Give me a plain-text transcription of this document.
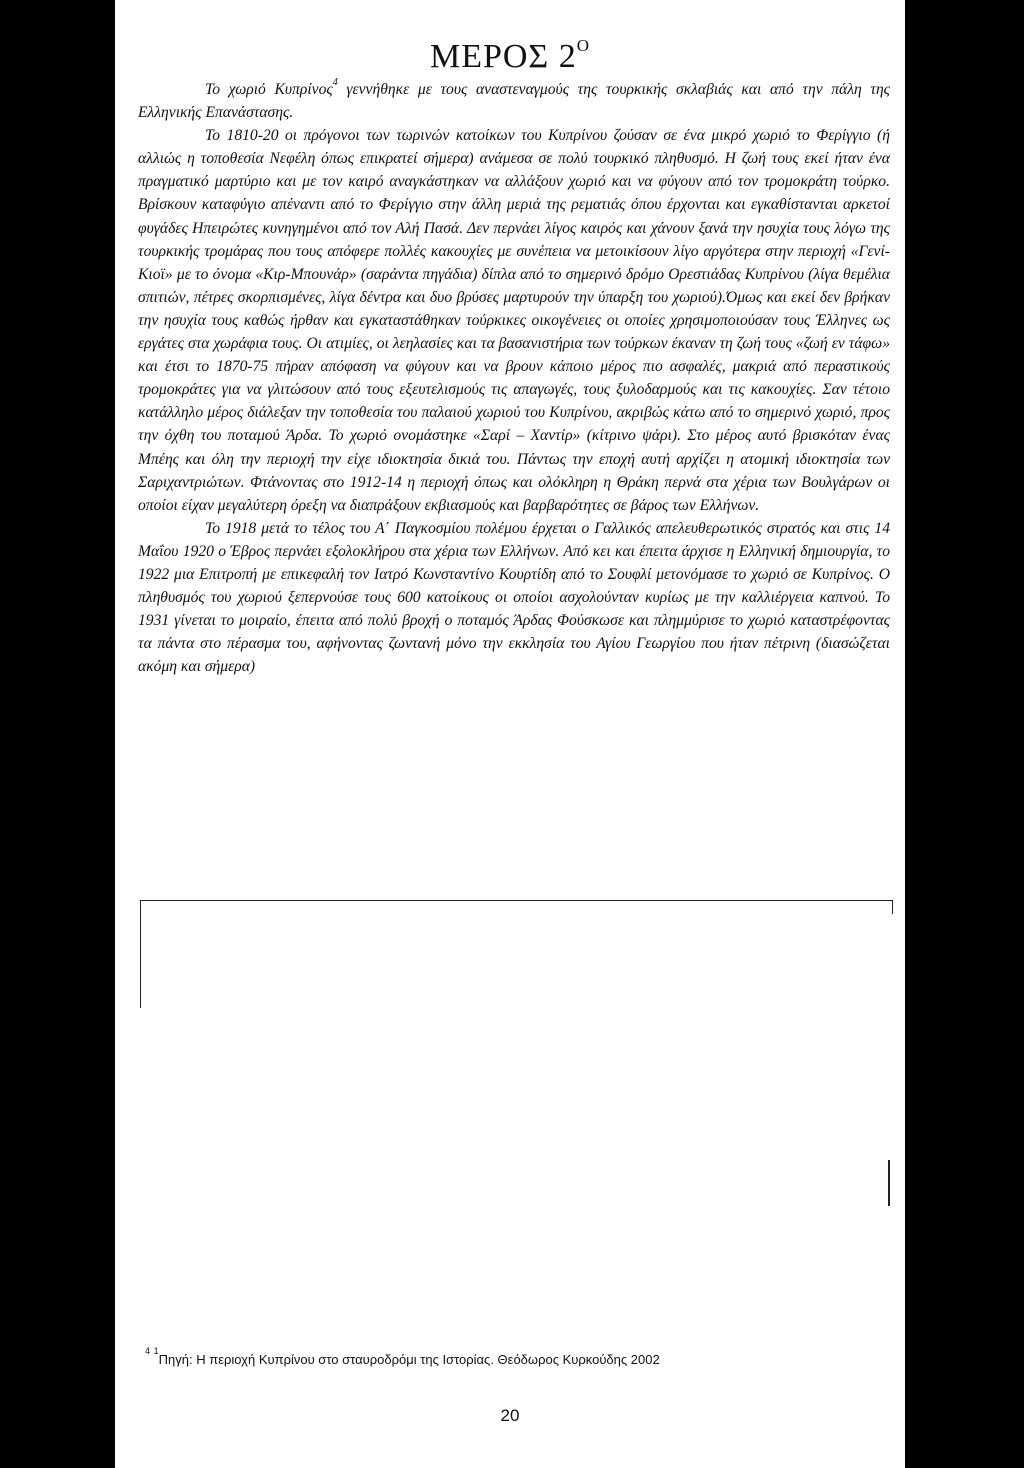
ΜΕΡΟΣ $2^O$

Το χωριό Κυπρίνος$^4$ γεννήθηκε με τους αναστεναγμούς της τουρκικής σκλαβιάς και από την πάλη της Ελληνικής Επανάστασης.

Το 1810-20 οι πρόγονοι των τωρινών κατοίκων του Κυπρίνου ζούσαν σε ένα μικρό χωριό το Φερίγγιο (ή αλλιώς η τοποθεσία Νεφέλη όπως επικρατεί σήμερα) ανάμεσα σε πολύ τουρκικό πληθυσμό. Η ζωή τους εκεί ήταν ένα πραγματικό μαρτύριο και με τον καιρό αναγκάστηκαν να αλλάξουν χωριό και να φύγουν από τον τρομοκράτη τούρκο. Βρίσκουν καταφύγιο απέναντι από το Φερίγγιο στην άλλη μεριά της ρεματιάς όπου έρχονται και εγκαθίστανται αρκετοί φυγάδες Ηπειρώτες κυνηγημένοι από τον Αλή Πασά. Δεν περνάει λίγος καιρός και χάνουν ξανά την ησυχία τους λόγω της τουρκικής τρομάρας που τους απόφερε πολλές κακουχίες με συνέπεια να μετοικίσουν λίγο αργότερα στην περιοχή «Γενί-Κιοϊ» με το όνομα «Κιρ-Μπουνάρ» (σαράντα πηγάδια) δίπλα από το σημερινό δρόμο Ορεστιάδας Κυπρίνου (λίγα θεμέλια σπιτιών, πέτρες σκορπισμένες, λίγα δέντρα και δυο βρύσες μαρτυρούν την ύπαρξη του χωριού).Όμως και εκεί δεν βρήκαν την ησυχία τους καθώς ήρθαν και εγκαταστάθηκαν τούρκικες οικογένειες οι οποίες χρησιμοποιούσαν τους Έλληνες ως εργάτες στα χωράφια τους. Οι ατιμίες, οι λεηλασίες και τα βασανιστήρια των τούρκων έκαναν τη ζωή τους «ζωή εν τάφω» και έτσι το 1870-75 πήραν απόφαση να φύγουν και να βρουν κάποιο μέρος πιο ασφαλές, μακριά από περαστικούς τρομοκράτες για να γλιτώσουν από τους εξευτελισμούς τις απαγωγές, τους ξυλοδαρμούς και τις κακουχίες. Σαν τέτοιο κατάλληλο μέρος διάλεξαν την τοποθεσία του παλαιού χωριού του Κυπρίνου, ακριβώς κάτω από το σημερινό χωριό, προς την όχθη του ποταμού Άρδα. Το χωριό ονομάστηκε «Σαρί – Χαντίρ» (κίτρινο ψάρι). Στο μέρος αυτό βρισκόταν ένας Μπέης και όλη την περιοχή την είχε ιδιοκτησία δικιά του. Πάντως την εποχή αυτή αρχίζει η ατομική ιδιοκτησία των Σαριχαντριώτων. Φτάνοντας στο 1912-14 η περιοχή όπως και ολόκληρη η Θράκη περνά στα χέρια των Βουλγάρων οι οποίοι είχαν μεγαλύτερη όρεξη να διαπράξουν εκβιασμούς και βαρβαρότητες σε βάρος των Ελλήνων.

Το 1918 μετά το τέλος του Α΄ Παγκοσμίου πολέμου έρχεται ο Γαλλικός απελευθερωτικός στρατός και στις 14 Μαΐου 1920 ο Έβρος περνάει εξολοκλήρου στα χέρια των Ελλήνων. Από κει και έπειτα άρχισε η Ελληνική δημιουργία, το 1922 μια Επιτροπή με επικεφαλή τον Ιατρό Κωνσταντίνο Κουρτίδη από το Σουφλί μετονόμασε το χωριό σε Κυπρίνος. Ο πληθυσμός του χωριού ξεπερνούσε τους 600 κατοίκους οι οποίοι ασχολούνταν κυρίως με την καλλιέργεια καπνού. Το 1931 γίνεται το μοιραίο, έπειτα από πολύ βροχή ο ποταμός Άρδας Φούσκωσε και πλημμύρισε το χωριό καταστρέφοντας τα πάντα στο πέρασμα του, αφήνοντας ζωντανή μόνο την εκκλησία του Αγίου Γεωργίου που ήταν πέτρινη (διασώζεται ακόμη και σήμερα)

$^4$ $^1$Πηγή: Η περιοχή Κυπρίνου στο σταυροδρόμι της Ιστορίας. Θεόδωρος Κυρκούδης 2002
20
